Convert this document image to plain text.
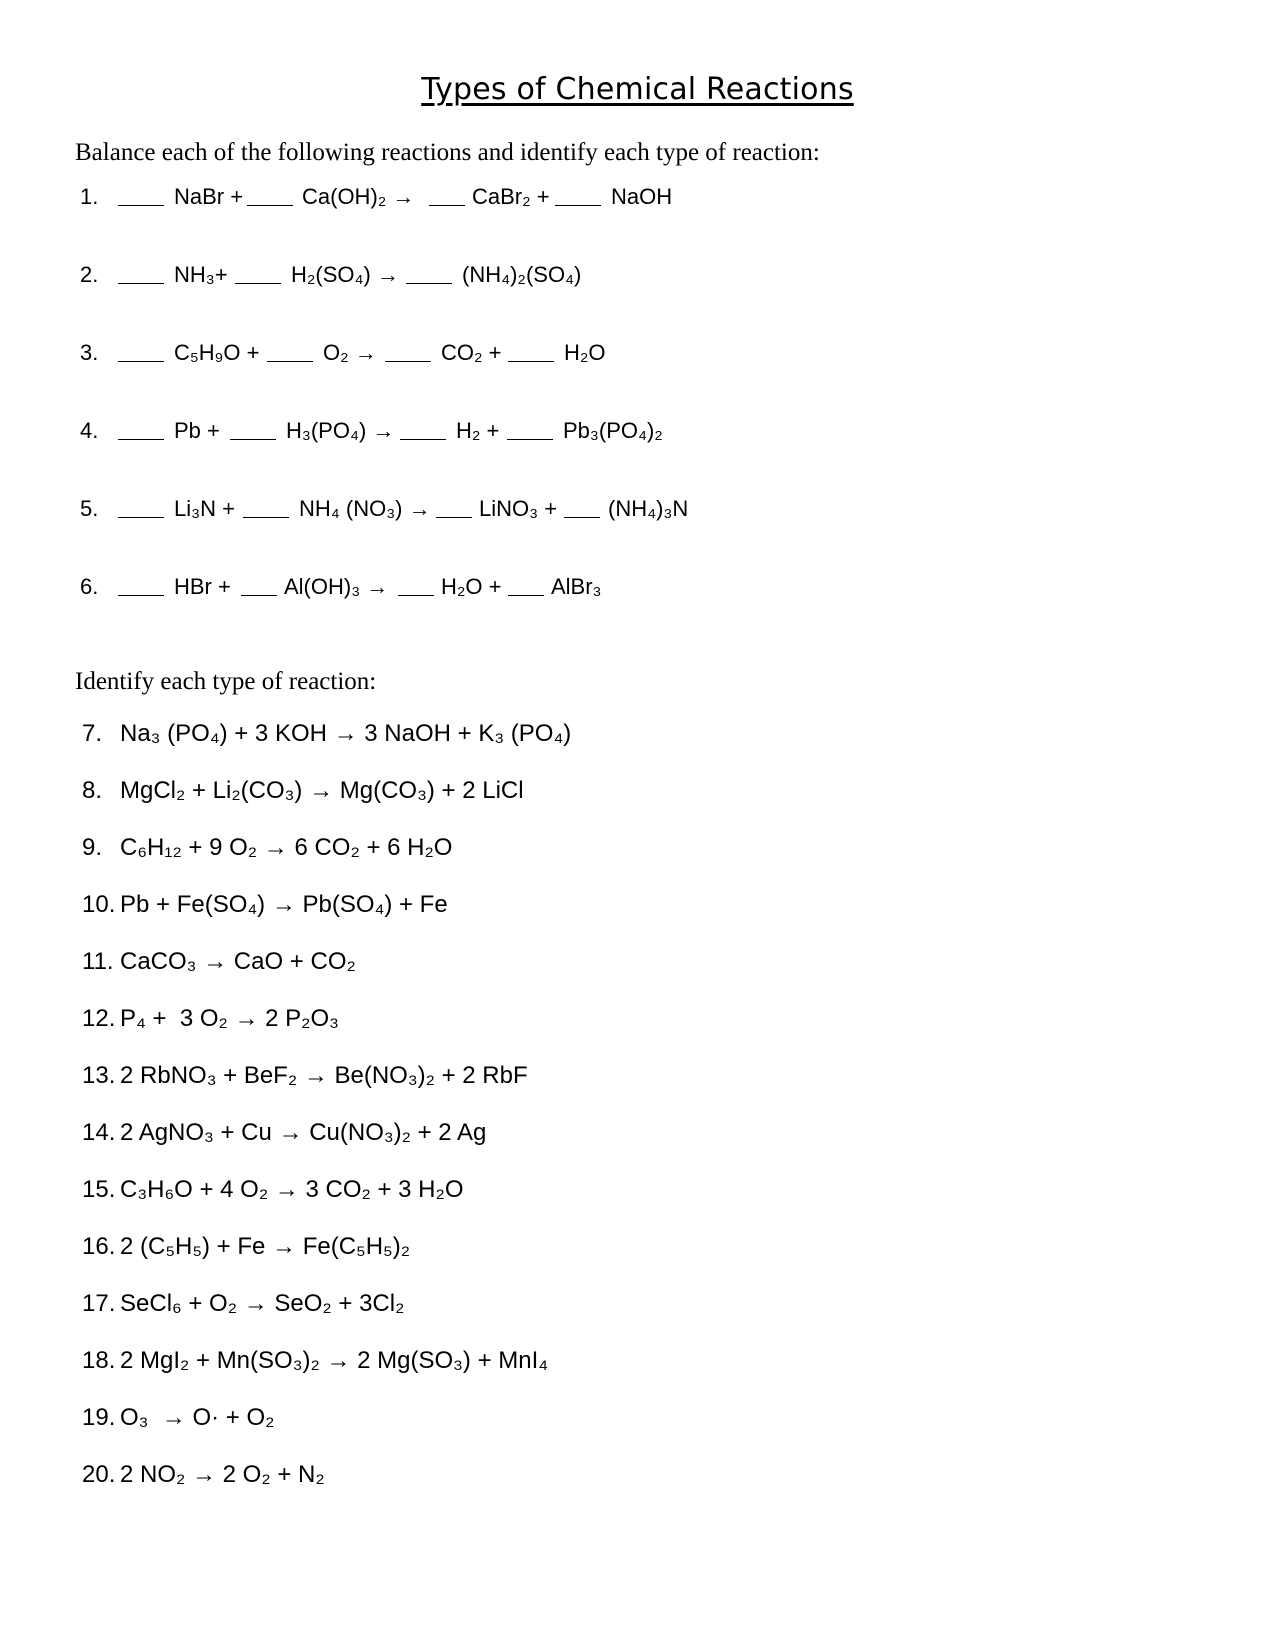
Types of Chemical Reactions
Balance each of the following reactions and identify each type of reaction:
1.	NaBr +	Ca(OH)₂ →	CaBr₂ +	NaOH
2.	NH₃+	H₂(SO₄) →	(NH₄)₂(SO₄)
3.	C₅H₉O +	O₂ →	CO₂ +	H₂O
4.	Pb +	H₃(PO₄) →	H₂ +	Pb₃(PO₄)₂
5.	Li₃N +	NH₄ (NO₃) → LiNO₃ + (NH₄)₃N
6.	HBr + Al(OH)₃ → H₂O + AlBr₃
Identify each type of reaction:
7. Na₃ (PO₄) + 3 KOH → 3 NaOH + K₃ (PO₄)
8. MgCl₂ + Li₂(CO₃) → Mg(CO₃) + 2 LiCl
9. C₆H₁₂ + 9 O₂ → 6 CO₂ + 6 H₂O
10. Pb + Fe(SO₄) → Pb(SO₄) + Fe
11. CaCO₃ → CaO + CO₂
12. P₄ +  3 O₂ → 2 P₂O₃
13. 2 RbNO₃ + BeF₂ → Be(NO₃)₂ + 2 RbF
14. 2 AgNO₃ + Cu → Cu(NO₃)₂ + 2 Ag
15. C₃H₆O + 4 O₂ → 3 CO₂ + 3 H₂O
16. 2 (C₅H₅) + Fe → Fe(C₅H₅)₂
17. SeCl₆ + O₂ → SeO₂ + 3Cl₂
18. 2 MgI₂ + Mn(SO₃)₂ → 2 Mg(SO₃) + MnI₄
19. O₃  → O· + O₂
20. 2 NO₂ → 2 O₂ + N₂
